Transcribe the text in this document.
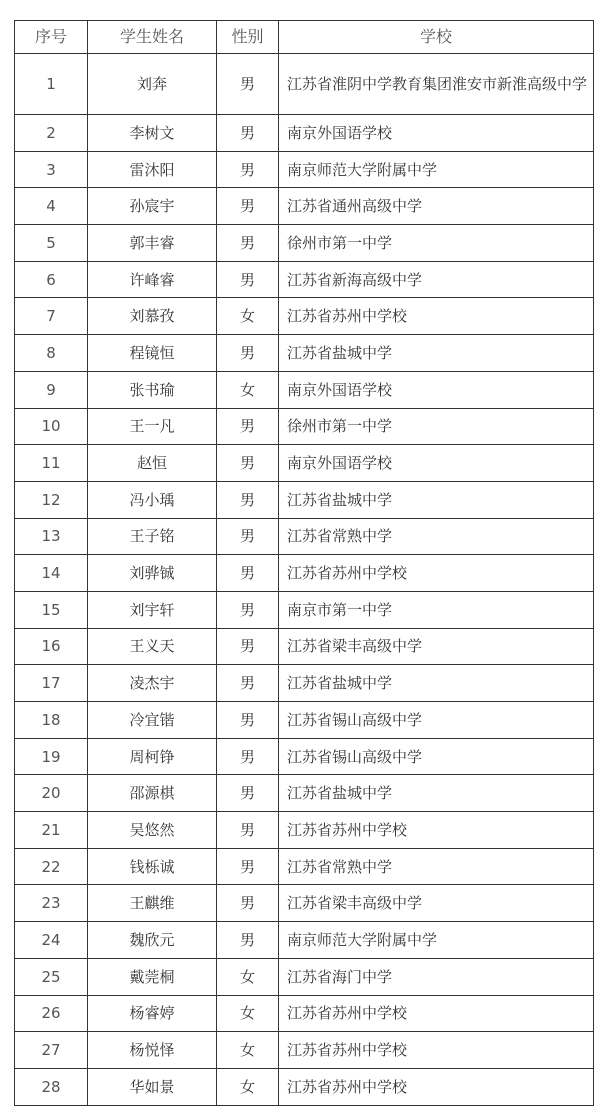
序号	学生姓名	性别	学校
1	刘奔	男	江苏省淮阴中学教育集团淮安市新淮高级中学
2	李树文	男	南京外国语学校
3	雷沐阳	男	南京师范大学附属中学
4	孙宸宇	男	江苏省通州高级中学
5	郭丰睿	男	徐州市第一中学
6	许峰睿	男	江苏省新海高级中学
7	刘慕孜	女	江苏省苏州中学校
8	程镜恒	男	江苏省盐城中学
9	张书瑜	女	南京外国语学校
10	王一凡	男	徐州市第一中学
11	赵恒	男	南京外国语学校
12	冯小瑀	男	江苏省盐城中学
13	王子铭	男	江苏省常熟中学
14	刘骅铖	男	江苏省苏州中学校
15	刘宇轩	男	南京市第一中学
16	王义天	男	江苏省梁丰高级中学
17	凌杰宇	男	江苏省盐城中学
18	冷宜锴	男	江苏省锡山高级中学
19	周柯铮	男	江苏省锡山高级中学
20	邵源棋	男	江苏省盐城中学
21	吴悠然	男	江苏省苏州中学校
22	钱栎诚	男	江苏省常熟中学
23	王麒维	男	江苏省梁丰高级中学
24	魏欣元	男	南京师范大学附属中学
25	戴莞桐	女	江苏省海门中学
26	杨睿婷	女	江苏省苏州中学校
27	杨悦怿	女	江苏省苏州中学校
28	华如景	女	江苏省苏州中学校
